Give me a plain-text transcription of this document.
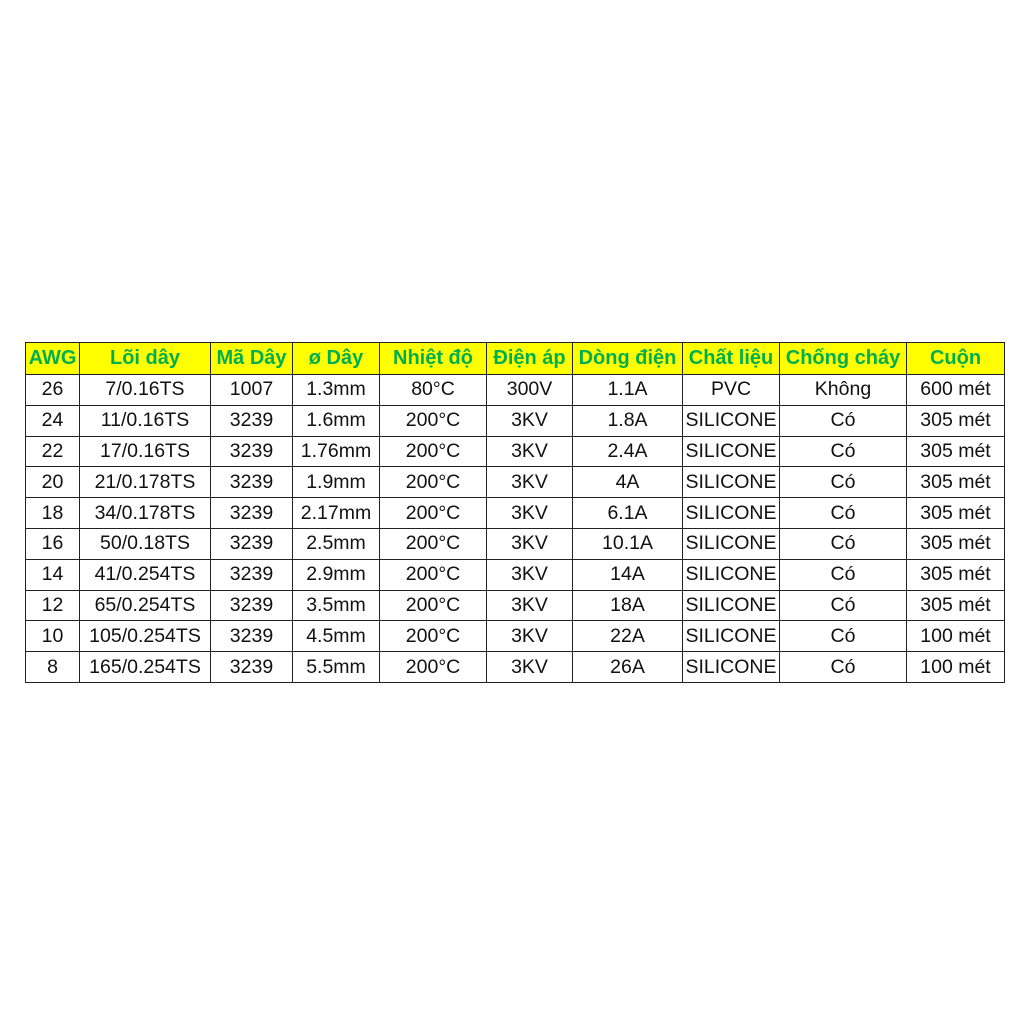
AWG	Lõi dây	Mã Dây	ø Dây	Nhiệt độ	Điện áp	Dòng điện	Chất liệu	Chống cháy	Cuộn
26	7/0.16TS	1007	1.3mm	80°C	300V	1.1A	PVC	Không	600 mét
24	11/0.16TS	3239	1.6mm	200°C	3KV	1.8A	SILICONE	Có	305 mét
22	17/0.16TS	3239	1.76mm	200°C	3KV	2.4A	SILICONE	Có	305 mét
20	21/0.178TS	3239	1.9mm	200°C	3KV	4A	SILICONE	Có	305 mét
18	34/0.178TS	3239	2.17mm	200°C	3KV	6.1A	SILICONE	Có	305 mét
16	50/0.18TS	3239	2.5mm	200°C	3KV	10.1A	SILICONE	Có	305 mét
14	41/0.254TS	3239	2.9mm	200°C	3KV	14A	SILICONE	Có	305 mét
12	65/0.254TS	3239	3.5mm	200°C	3KV	18A	SILICONE	Có	305 mét
10	105/0.254TS	3239	4.5mm	200°C	3KV	22A	SILICONE	Có	100 mét
8	165/0.254TS	3239	5.5mm	200°C	3KV	26A	SILICONE	Có	100 mét
